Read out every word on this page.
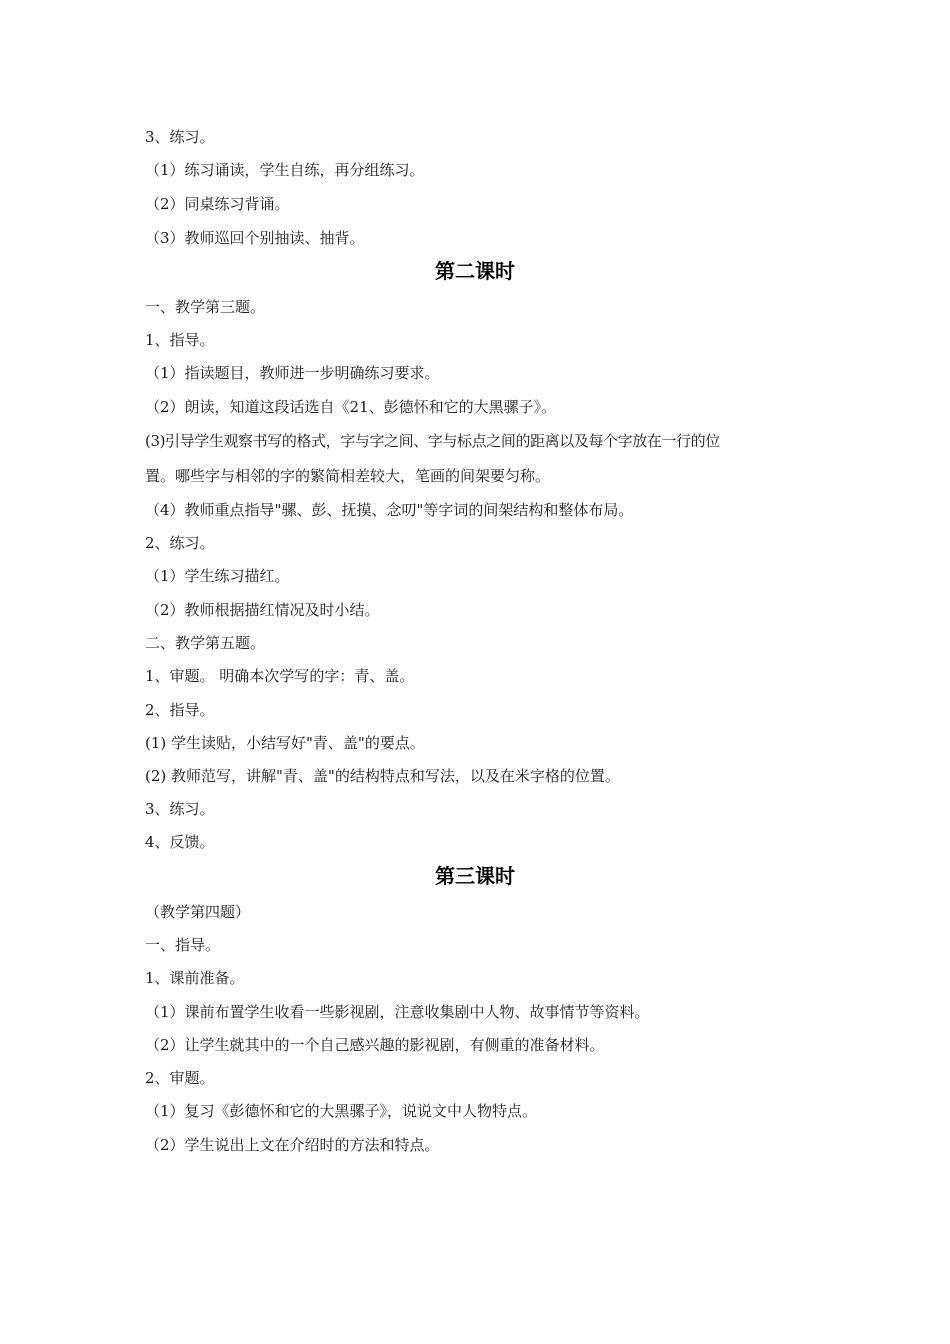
3、练习。
（1）练习诵读，学生自练，再分组练习。
（2）同桌练习背诵。
（3）教师巡回个别抽读、抽背。
第二课时
一、教学第三题。
1、指导。
（1）指读题目，教师进一步明确练习要求。
（2）朗读，知道这段话选自《21、彭德怀和它的大黑骡子》。
(3)引导学生观察书写的格式，字与字之间、字与标点之间的距离以及每个字放在一行的位
置。哪些字与相邻的字的繁简相差较大，笔画的间架要匀称。
（4）教师重点指导"骡、彭、抚摸、念叨"等字词的间架结构和整体布局。
2、练习。
（1）学生练习描红。
（2）教师根据描红情况及时小结。
二、教学第五题。
1、审题。 明确本次学写的字：青、盖。
2、指导。
(1) 学生读贴，小结写好"青、盖"的要点。
(2) 教师范写，讲解"青、盖"的结构特点和写法，以及在米字格的位置。
3、练习。
4、反馈。
第三课时
（教学第四题）
一、指导。
1、课前准备。
（1）课前布置学生收看一些影视剧，注意收集剧中人物、故事情节等资料。
（2）让学生就其中的一个自己感兴趣的影视剧，有侧重的准备材料。
2、审题。
（1）复习《彭德怀和它的大黑骡子》，说说文中人物特点。
（2）学生说出上文在介绍时的方法和特点。
